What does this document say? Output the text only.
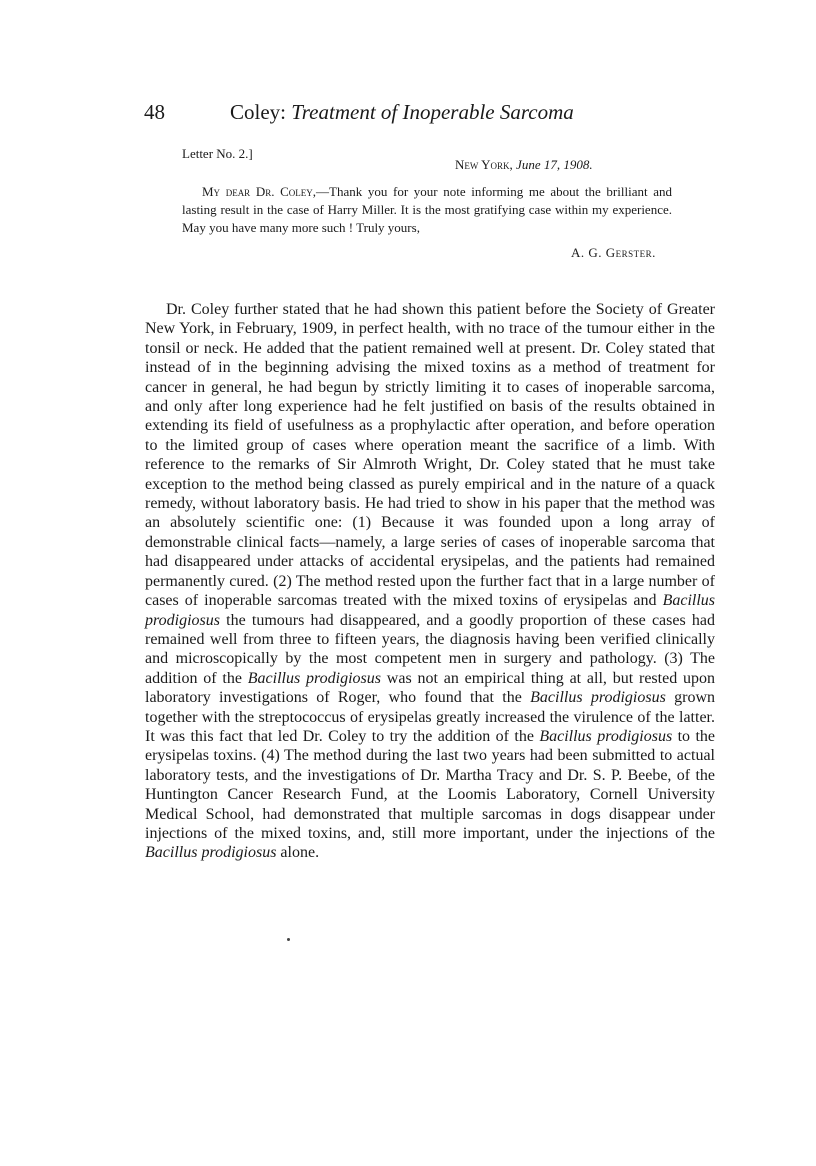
48	Coley: Treatment of Inoperable Sarcoma
Letter No. 2.]
New York, June 17, 1908.

My dear Dr. Coley,—Thank you for your note informing me about the brilliant and lasting result in the case of Harry Miller. It is the most gratifying case within my experience. May you have many more such ! Truly yours,

A. G. Gerster.

Dr. Coley further stated that he had shown this patient before the Society of Greater New York, in February, 1909, in perfect health, with no trace of the tumour either in the tonsil or neck. He added that the patient remained well at present. Dr. Coley stated that instead of in the beginning advising the mixed toxins as a method of treatment for cancer in general, he had begun by strictly limiting it to cases of inoperable sarcoma, and only after long experience had he felt justified on basis of the results obtained in extending its field of usefulness as a prophylactic after operation, and before operation to the limited group of cases where operation meant the sacrifice of a limb. With reference to the remarks of Sir Almroth Wright, Dr. Coley stated that he must take exception to the method being classed as purely empirical and in the nature of a quack remedy, without laboratory basis. He had tried to show in his paper that the method was an absolutely scientific one: (1) Because it was founded upon a long array of demonstrable clinical facts—namely, a large series of cases of inoperable sarcoma that had disappeared under attacks of accidental erysipelas, and the patients had remained permanently cured. (2) The method rested upon the further fact that in a large number of cases of inoperable sarcomas treated with the mixed toxins of erysipelas and Bacillus prodigiosus the tumours had disappeared, and a goodly proportion of these cases had remained well from three to fifteen years, the diagnosis having been verified clinically and microscopically by the most competent men in surgery and pathology. (3) The addition of the Bacillus prodigiosus was not an empirical thing at all, but rested upon laboratory investigations of Roger, who found that the Bacillus prodigiosus grown together with the streptococcus of erysipelas greatly increased the virulence of the latter. It was this fact that led Dr. Coley to try the addition of the Bacillus prodigiosus to the erysipelas toxins. (4) The method during the last two years had been submitted to actual laboratory tests, and the investigations of Dr. Martha Tracy and Dr. S. P. Beebe, of the Huntington Cancer Research Fund, at the Loomis Laboratory, Cornell University Medical School, had demonstrated that multiple sarcomas in dogs disappear under injections of the mixed toxins, and, still more important, under the injections of the Bacillus prodigiosus alone.
